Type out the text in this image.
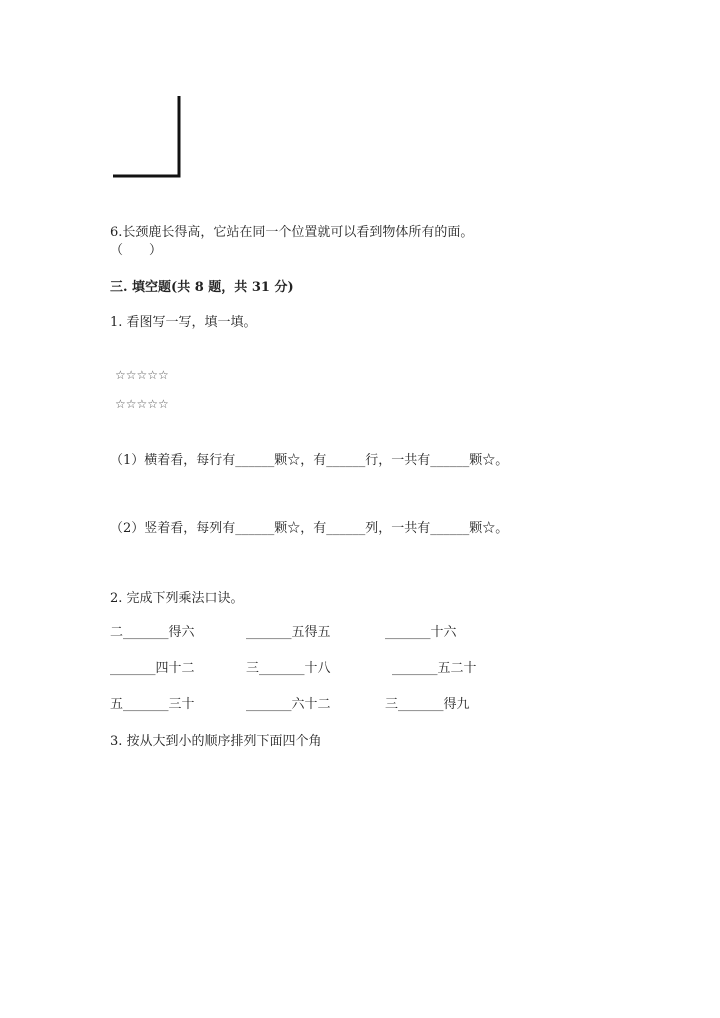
6.长颈鹿长得高，它站在同一个位置就可以看到物体所有的面。
（　　）
三. 填空题(共 8 题，共 31 分)
1. 看图写一写，填一填。
☆☆☆☆☆
☆☆☆☆☆
（1）横着看，每行有______颗☆，有______行，一共有______颗☆。
（2）竖着看，每列有______颗☆，有______列，一共有______颗☆。
2. 完成下列乘法口诀。
二_______得六	_______五得五	_______十六
_______四十二	三_______十八	_______五二十
五_______三十	_______六十二	三_______得九
3. 按从大到小的顺序排列下面四个角
